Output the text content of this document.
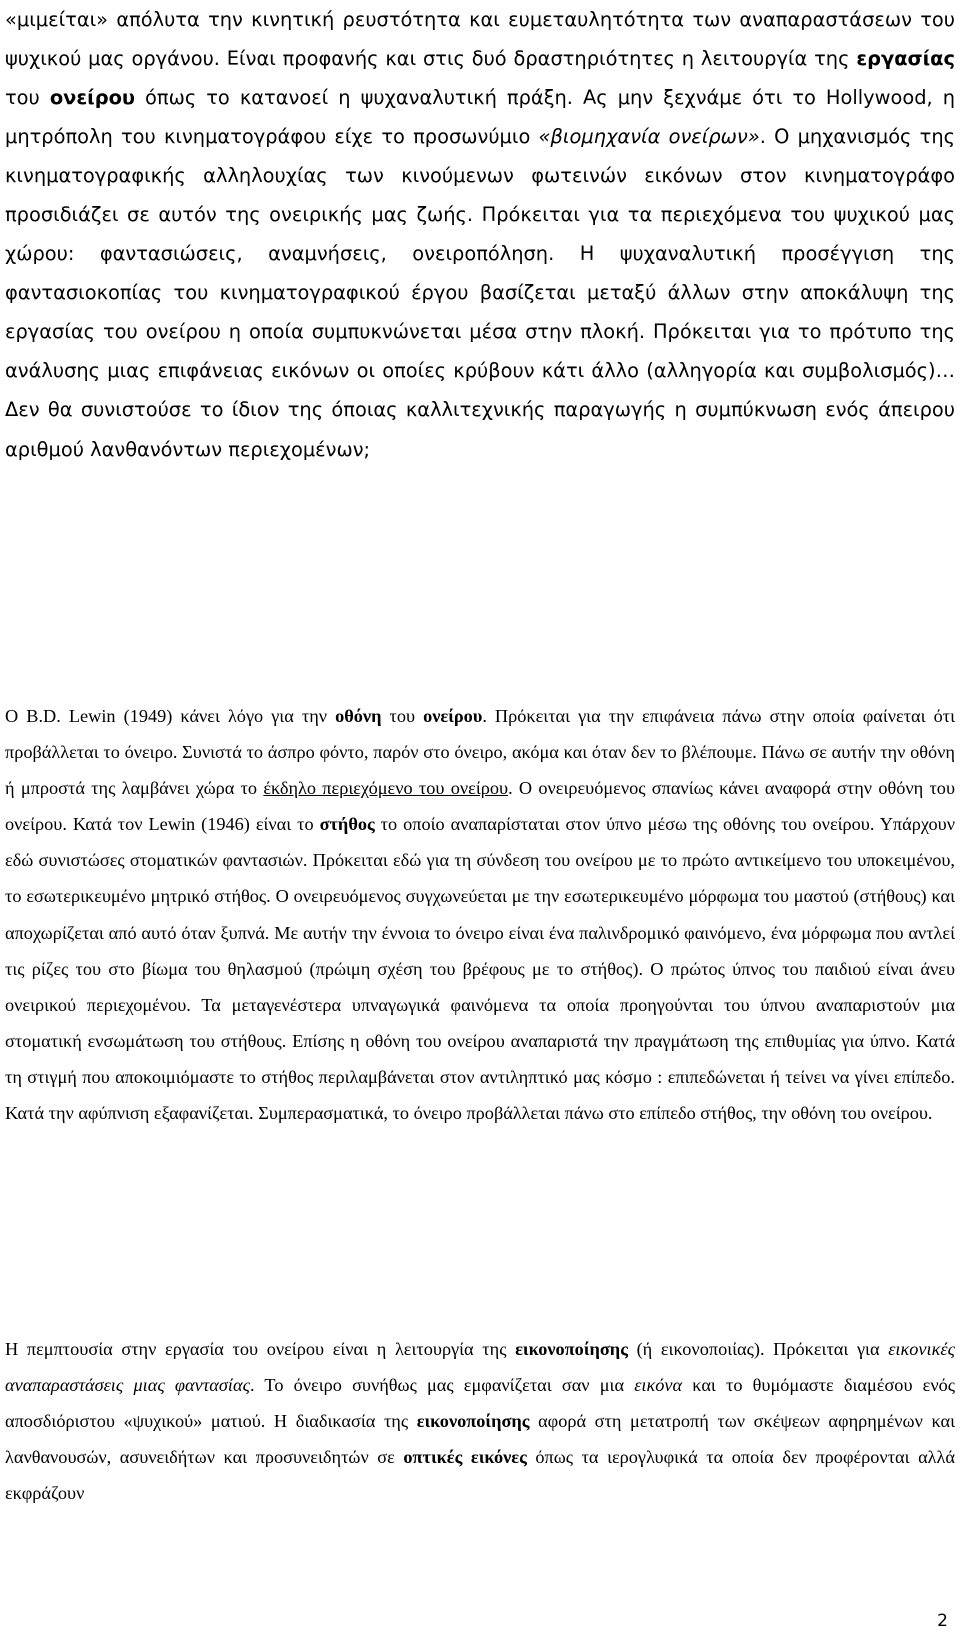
«μιμείται» απόλυτα την κινητική ρευστότητα και ευμεταυλητότητα των αναπαραστάσεων του ψυχικού μας οργάνου. Είναι προφανής και στις δυό δραστηριότητες η λειτουργία της εργασίας του ονείρου όπως το κατανοεί η ψυχαναλυτική πράξη. Ας μην ξεχνάμε ότι το Hollywood, η μητρόπολη του κινηματογράφου είχε το προσωνύμιο «βιομηχανία ονείρων». Ο μηχανισμός της κινηματογραφικής αλληλουχίας των κινούμενων φωτεινών εικόνων στον κινηματογράφο προσιδιάζει σε αυτόν της ονειρικής μας ζωής. Πρόκειται για τα περιεχόμενα του ψυχικού μας χώρου: φαντασιώσεις, αναμνήσεις, ονειροπόληση. Η ψυχαναλυτική προσέγγιση της φαντασιοκοπίας του κινηματογραφικού έργου βασίζεται μεταξύ άλλων στην αποκάλυψη της εργασίας του ονείρου η οποία συμπυκνώνεται μέσα στην πλοκή. Πρόκειται για το πρότυπο της ανάλυσης μιας επιφάνειας εικόνων οι οποίες κρύβουν κάτι άλλο (αλληγορία και συμβολισμός)… Δεν θα συνιστούσε το ίδιον της όποιας καλλιτεχνικής παραγωγής η συμπύκνωση ενός άπειρου αριθμού λανθανόντων περιεχομένων;

Ο B.D. Lewin (1949) κάνει λόγο για την οθόνη του ονείρου. Πρόκειται για την επιφάνεια πάνω στην οποία φαίνεται ότι προβάλλεται το όνειρο. Συνιστά το άσπρο φόντο, παρόν στο όνειρο, ακόμα και όταν δεν το βλέπουμε. Πάνω σε αυτήν την οθόνη ή μπροστά της λαμβάνει χώρα το έκδηλο περιεχόμενο του ονείρου. Ο ονειρευόμενος σπανίως κάνει αναφορά στην οθόνη του ονείρου. Κατά τον Lewin (1946) είναι το στήθος το οποίο αναπαρίσταται στον ύπνο μέσω της οθόνης του ονείρου. Υπάρχουν εδώ συνιστώσες στοματικών φαντασιών. Πρόκειται εδώ για τη σύνδεση του ονείρου με το πρώτο αντικείμενο του υποκειμένου, το εσωτερικευμένο μητρικό στήθος. Ο ονειρευόμενος συγχωνεύεται με την εσωτερικευμένο μόρφωμα του μαστού (στήθους) και αποχωρίζεται από αυτό όταν ξυπνά. Με αυτήν την έννοια το όνειρο είναι ένα παλινδρομικό φαινόμενο, ένα μόρφωμα που αντλεί τις ρίζες του στο βίωμα του θηλασμού (πρώιμη σχέση του βρέφους με το στήθος). Ο πρώτος ύπνος του παιδιού είναι άνευ ονειρικού περιεχομένου. Τα μεταγενέστερα υπναγωγικά φαινόμενα τα οποία προηγούνται του ύπνου αναπαριστούν μια στοματική ενσωμάτωση του στήθους. Επίσης η οθόνη του ονείρου αναπαριστά την πραγμάτωση της επιθυμίας για ύπνο. Κατά τη στιγμή που αποκοιμιόμαστε το στήθος περιλαμβάνεται στον αντιληπτικό μας κόσμο : επιπεδώνεται ή τείνει να γίνει επίπεδο. Κατά την αφύπνιση εξαφανίζεται. Συμπερασματικά, το όνειρο προβάλλεται πάνω στο επίπεδο στήθος, την οθόνη του ονείρου.

Η πεμπτουσία στην εργασία του ονείρου είναι η λειτουργία της εικονοποίησης (ή εικονοποιίας). Πρόκειται για εικονικές αναπαραστάσεις μιας φαντασίας. Το όνειρο συνήθως μας εμφανίζεται σαν μια εικόνα και το θυμόμαστε διαμέσου ενός αποσδιόριστου «ψυχικού» ματιού. Η διαδικασία της εικονοποίησης αφορά στη μετατροπή των σκέψεων αφηρημένων και λανθανουσών, ασυνειδήτων και προσυνειδητών σε οπτικές εικόνες όπως τα ιερογλυφικά τα οποία δεν προφέρονται αλλά εκφράζουν

2
